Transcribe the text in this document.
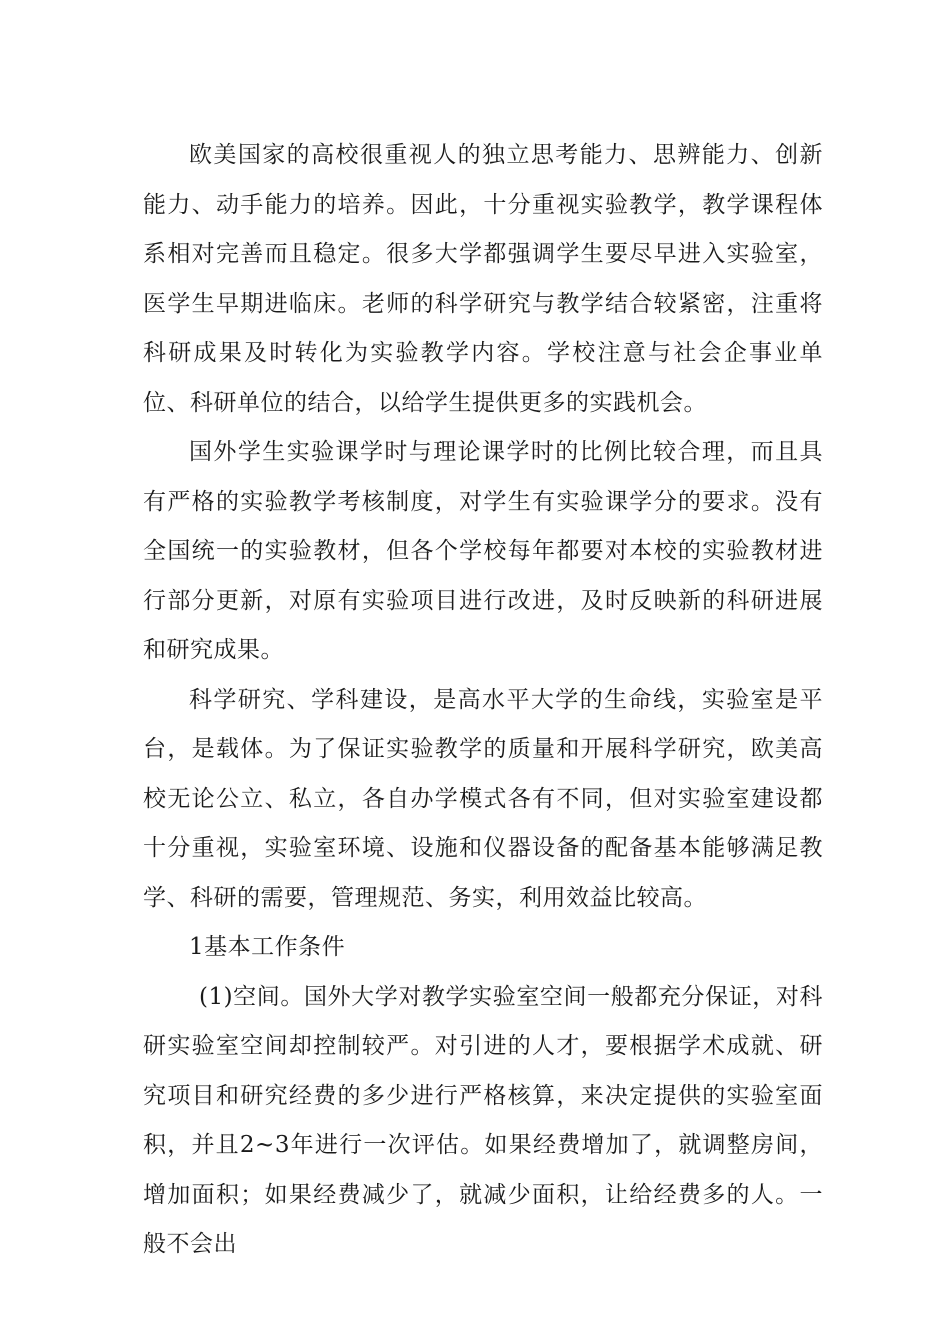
欧美国家的高校很重视人的独立思考能力、思辨能力、创新能力、动手能力的培养。因此，十分重视实验教学，教学课程体系相对完善而且稳定。很多大学都强调学生要尽早进入实验室，医学生早期进临床。老师的科学研究与教学结合较紧密，注重将科研成果及时转化为实验教学内容。学校注意与社会企事业单位、科研单位的结合，以给学生提供更多的实践机会。

国外学生实验课学时与理论课学时的比例比较合理，而且具有严格的实验教学考核制度，对学生有实验课学分的要求。没有全国统一的实验教材，但各个学校每年都要对本校的实验教材进行部分更新，对原有实验项目进行改进，及时反映新的科研进展和研究成果。

科学研究、学科建设，是高水平大学的生命线，实验室是平台，是载体。为了保证实验教学的质量和开展科学研究，欧美高校无论公立、私立，各自办学模式各有不同，但对实验室建设都十分重视，实验室环境、设施和仪器设备的配备基本能够满足教学、科研的需要，管理规范、务实，利用效益比较高。

1基本工作条件

(1)空间。国外大学对教学实验室空间一般都充分保证，对科研实验室空间却控制较严。对引进的人才，要根据学术成就、研究项目和研究经费的多少进行严格核算，来决定提供的实验室面积，并且2~3年进行一次评估。如果经费增加了，就调整房间，增加面积；如果经费减少了，就减少面积，让给经费多的人。一般不会出
